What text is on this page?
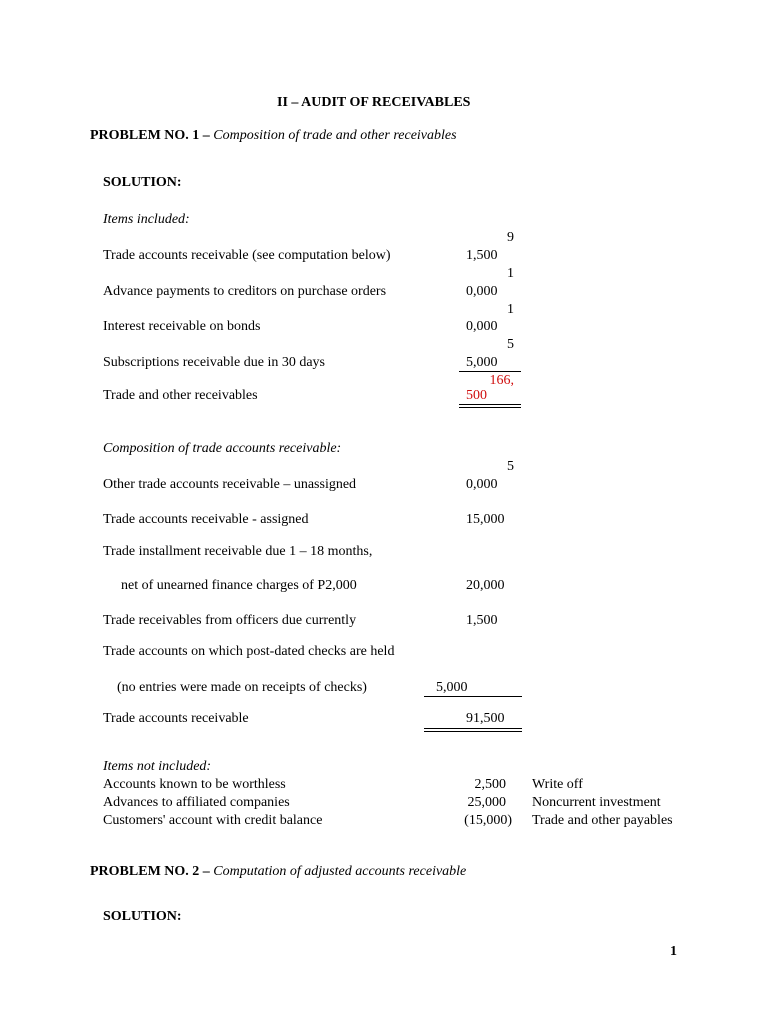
II – AUDIT OF RECEIVABLES
PROBLEM NO. 1 – Composition of trade and other receivables
SOLUTION:
Items included:
9
Trade accounts receivable (see computation below)	1,500
1
Advance payments to creditors on purchase orders	0,000
1
Interest receivable on bonds	0,000
5
Subscriptions receivable due in 30 days	5,000
166,
Trade and other receivables	500
Composition of trade accounts receivable:
5
Other trade accounts receivable – unassigned	0,000
Trade accounts receivable - assigned	15,000
Trade installment receivable due 1 – 18 months,
net of unearned finance charges of P2,000	20,000
Trade receivables from officers due currently	1,500
Trade accounts on which post-dated checks are held
(no entries were made on receipts of checks)	5,000
Trade accounts receivable	91,500
Items not included:
Accounts known to be worthless	2,500 Write off
Advances to affiliated companies	25,000 Noncurrent investment
Customers' account with credit balance	(15,000) Trade and other payables
PROBLEM NO. 2 – Computation of adjusted accounts receivable
SOLUTION:
1
